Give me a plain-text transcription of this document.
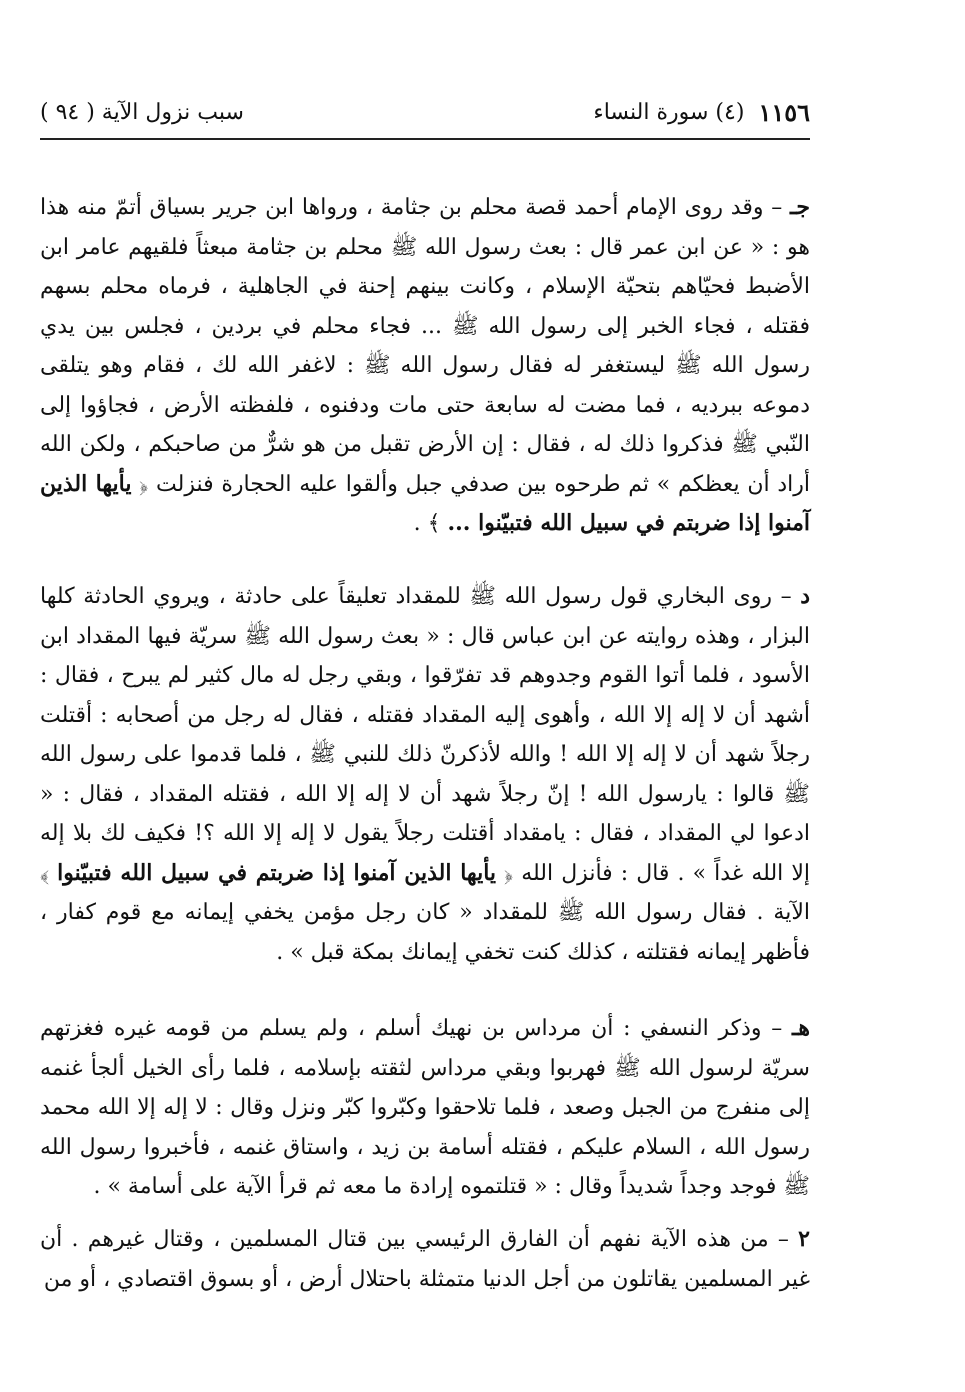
١١٥٦
(٤) سورة النساء
سبب نزول الآية ( ٩٤ )

جـ – وقد روى الإمام أحمد قصة محلم بن جثامة ، ورواها ابن جرير بسياق أتمّ منه هذا هو : « عن ابن عمر قال : بعث رسول الله ﷺ محلم بن جثامة مبعثاً فلقيهم عامر ابن الأضبط فحيّاهم بتحيّة الإسلام ، وكانت بينهم إحنة في الجاهلية ، فرماه محلم بسهم فقتله ، فجاء الخبر إلى رسول الله ﷺ ... فجاء محلم في بردين ، فجلس بين يدي رسول الله ﷺ ليستغفر له فقال رسول الله ﷺ : لاغفر الله لك ، فقام وهو يتلقى دموعه ببرديه ، فما مضت له سابعة حتى مات ودفنوه ، فلفظته الأرض ، فجاؤوا إلى النّبي ﷺ فذكروا ذلك له ، فقال : إن الأرض تقبل من هو شرٌّ من صاحبكم ، ولكن الله أراد أن يعظكم » ثم طرحوه بين صدفي جبل وألقوا عليه الحجارة فنزلت ﴿ يأيها الذين آمنوا إذا ضربتم في سبيل الله فتبيّنوا ... ﴾ .

د – روى البخاري قول رسول الله ﷺ للمقداد تعليقاً على حادثة ، ويروي الحادثة كلها البزار ، وهذه روايته عن ابن عباس قال : « بعث رسول الله ﷺ سريّة فيها المقداد ابن الأسود ، فلما أتوا القوم وجدوهم قد تفرّقوا ، وبقي رجل له مال كثير لم يبرح ، فقال : أشهد أن لا إله إلا الله ، وأهوى إليه المقداد فقتله ، فقال له رجل من أصحابه : أقتلت رجلاً شهد أن لا إله إلا الله ! والله لأذكرنّ ذلك للنبي ﷺ ، فلما قدموا على رسول الله ﷺ قالوا : يارسول الله ! إنّ رجلاً شهد أن لا إله إلا الله ، فقتله المقداد ، فقال : « ادعوا لي المقداد ، فقال : يامقداد أقتلت رجلاً يقول لا إله إلا الله ؟! فكيف لك بلا إله إلا الله غداً » . قال : فأنزل الله ﴿ يأيها الذين آمنوا إذا ضربتم في سبيل الله فتبيّنوا ﴾ الآية . فقال رسول الله ﷺ للمقداد « كان رجل مؤمن يخفي إيمانه مع قوم كفار ، فأظهر إيمانه فقتلته ، كذلك كنت تخفي إيمانك بمكة قبل » .

هـ – وذكر النسفي : أن مرداس بن نهيك أسلم ، ولم يسلم من قومه غيره فغزتهم سريّة لرسول الله ﷺ فهربوا وبقي مرداس لثقته بإسلامه ، فلما رأى الخيل ألجأ غنمه إلى منفرج من الجبل وصعد ، فلما تلاحقوا وكبّروا كبّر ونزل وقال : لا إله إلا الله محمد رسول الله ، السلام عليكم ، فقتله أسامة بن زيد ، واستاق غنمه ، فأخبروا رسول الله ﷺ فوجد وجداً شديداً وقال : « قتلتموه إرادة ما معه ثم قرأ الآية على أسامة » .

٢ – من هذه الآية نفهم أن الفارق الرئيسي بين قتال المسلمين ، وقتال غيرهم . أن غير المسلمين يقاتلون من أجل الدنيا متمثلة باحتلال أرض ، أو بسوق اقتصادي ، أو من
